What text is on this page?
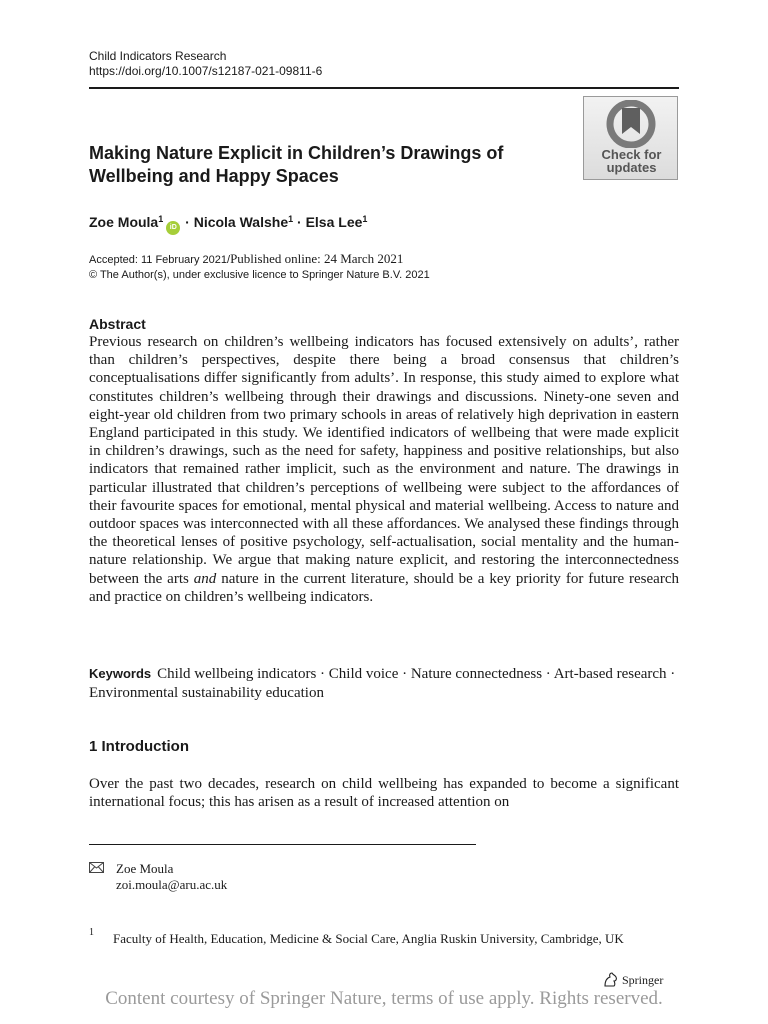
Child Indicators Research
https://doi.org/10.1007/s12187-021-09811-6
Check for
updates
Making Nature Explicit in Children’s Drawings of Wellbeing and Happy Spaces
Zoe Moula$^1$iD · Nicola Walshe$^1$ · Elsa Lee$^1$
Accepted: 11 February 2021/Published online: 24 March 2021
© The Author(s), under exclusive licence to Springer Nature B.V. 2021
Abstract
Previous research on children’s wellbeing indicators has focused extensively on adults’, rather than children’s perspectives, despite there being a broad consensus that children’s conceptualisations differ significantly from adults’. In response, this study aimed to explore what constitutes children’s wellbeing through their drawings and discussions. Ninety-one seven and eight-year old children from two primary schools in areas of relatively high deprivation in eastern England participated in this study. We identified indicators of wellbeing that were made explicit in children’s drawings, such as the need for safety, happiness and positive relationships, but also indicators that remained rather implicit, such as the environment and nature. The drawings in particular illustrated that children’s perceptions of wellbeing were subject to the affordances of their favourite spaces for emotional, mental physical and material wellbeing. Access to nature and outdoor spaces was interconnected with all these affordances. We analysed these findings through the theoretical lenses of positive psychology, self-actualisation, social mentality and the human-nature relationship. We argue that making nature explicit, and restoring the interconnectedness between the arts and nature in the current literature, should be a key priority for future research and practice on children’s wellbeing indicators.
Keywords Child wellbeing indicators · Child voice · Nature connectedness · Art-based research · Environmental sustainability education
1 Introduction
Over the past two decades, research on child wellbeing has expanded to become a significant international focus; this has arisen as a result of increased attention on
Zoe Moula
zoi.moula@aru.ac.uk
1 Faculty of Health, Education, Medicine & Social Care, Anglia Ruskin University, Cambridge, UK
Springer
Content courtesy of Springer Nature, terms of use apply. Rights reserved.
